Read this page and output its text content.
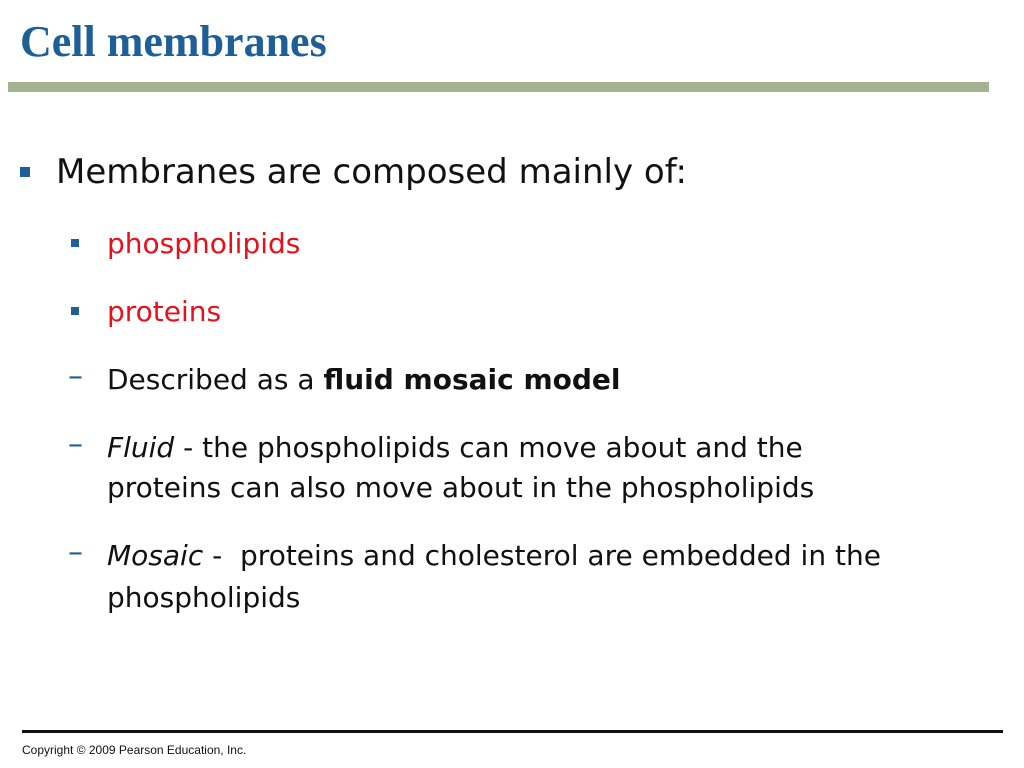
Cell membranes
Membranes are composed mainly of:
phospholipids
proteins
– Described as a fluid mosaic model
– Fluid - the phospholipids can move about and the
proteins can also move about in the phospholipids
– Mosaic -  proteins and cholesterol are embedded in the
phospholipids
Copyright © 2009 Pearson Education, Inc.
